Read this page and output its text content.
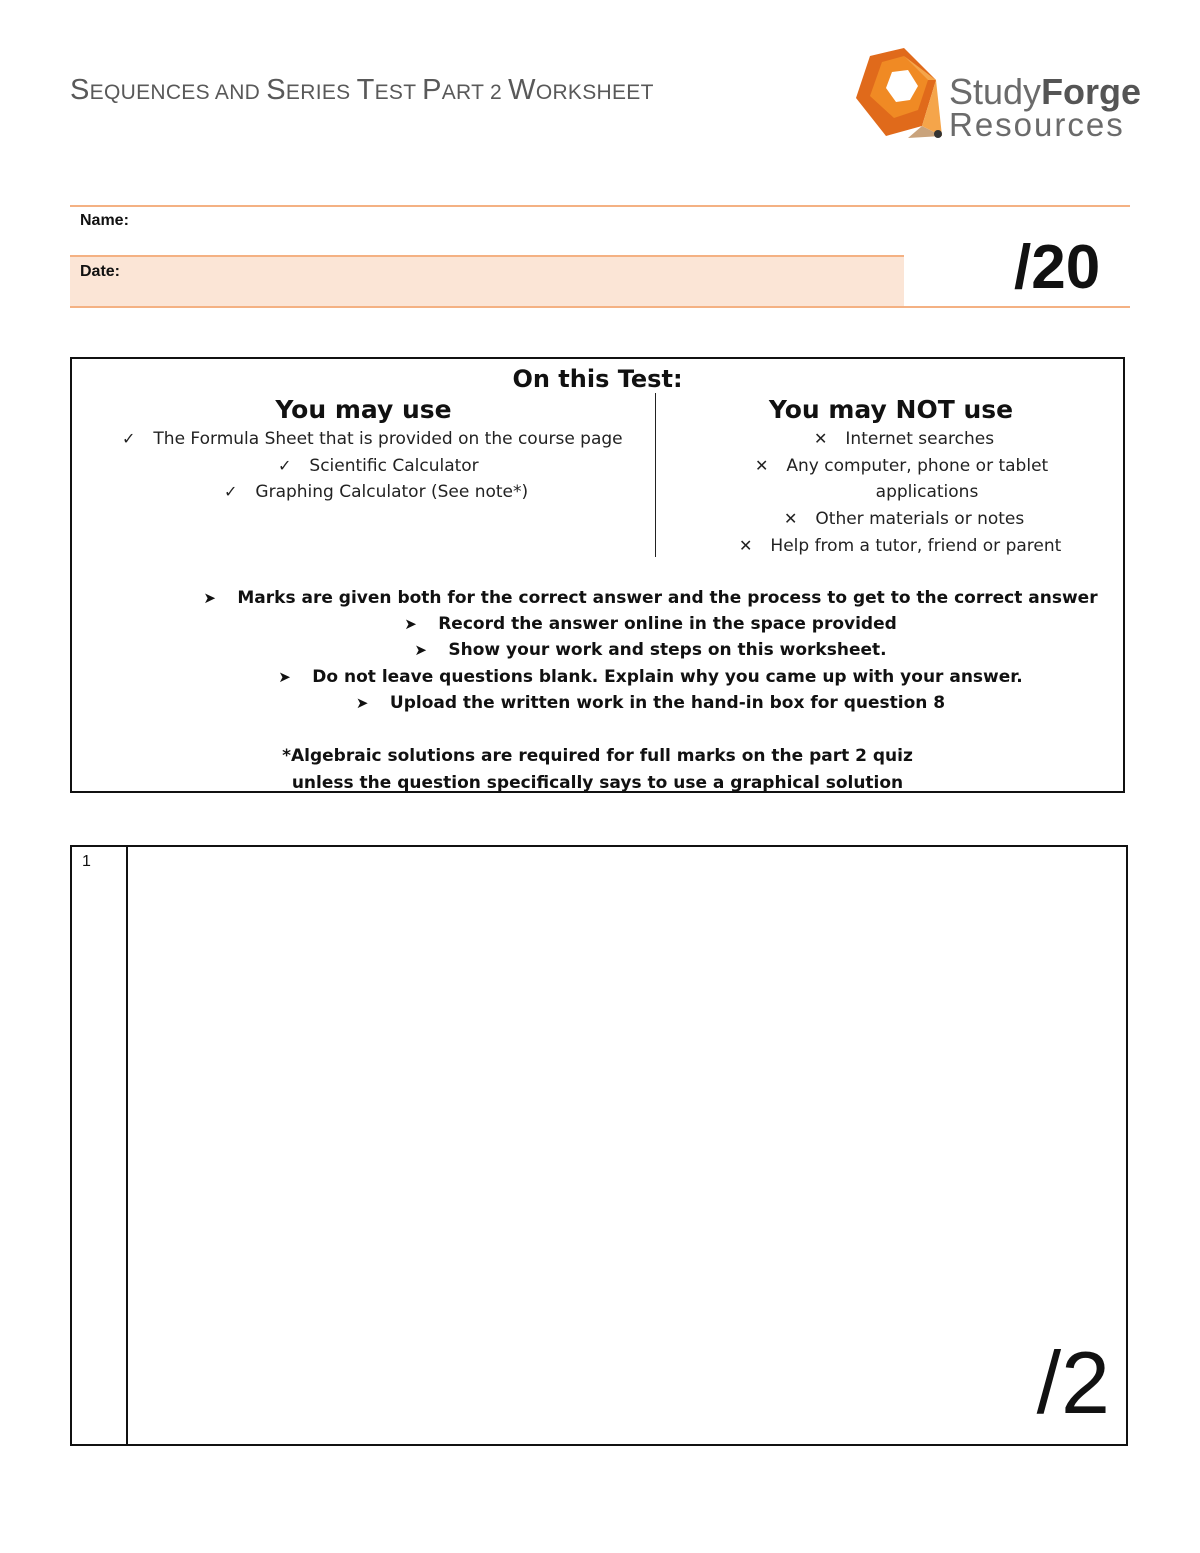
SEQUENCES AND SERIES TEST PART 2 WORKSHEET	StudyForge
Resources
Name:
Date:	/20
On this Test:
You may use	You may NOT use
✓ The Formula Sheet that is provided on the course page
✓ Scientific Calculator
✓ Graphing Calculator (See note*)
✕ Internet searches
✕ Any computer, phone or tablet
applications
✕ Other materials or notes
✕ Help from a tutor, friend or parent
➤ Marks are given both for the correct answer and the process to get to the correct answer
➤ Record the answer online in the space provided
➤ Show your work and steps on this worksheet.
➤ Do not leave questions blank. Explain why you came up with your answer.
➤ Upload the written work in the hand-in box for question 8
*Algebraic solutions are required for full marks on the part 2 quiz
unless the question specifically says to use a graphical solution
1
/2
